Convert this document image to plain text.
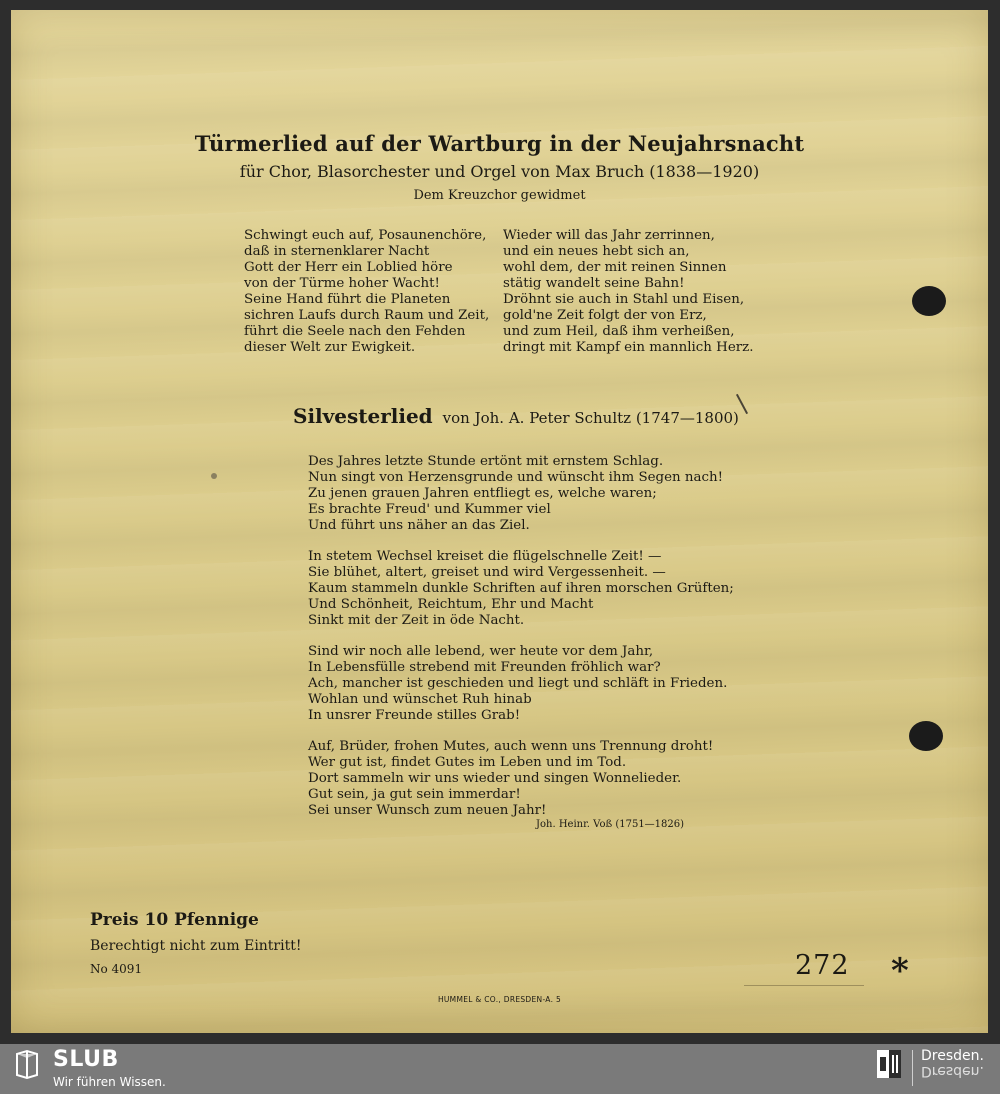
Türmerlied auf der Wartburg in der Neujahrsnacht
für Chor, Blasorchester und Orgel von Max Bruch (1838—1920)
Dem Kreuzchor gewidmet
Schwingt euch auf, Posaunenchöre,
daß in sternenklarer Nacht
Gott der Herr ein Loblied höre
von der Türme hoher Wacht!
Seine Hand führt die Planeten
sichren Laufs durch Raum und Zeit,
führt die Seele nach den Fehden
dieser Welt zur Ewigkeit.
Wieder will das Jahr zerrinnen,
und ein neues hebt sich an,
wohl dem, der mit reinen Sinnen
stätig wandelt seine Bahn!
Dröhnt sie auch in Stahl und Eisen,
gold'ne Zeit folgt der von Erz,
und zum Heil, daß ihm verheißen,
dringt mit Kampf ein mannlich Herz.
Silvesterlied von Joh. A. Peter Schultz (1747—1800)
Des Jahres letzte Stunde ertönt mit ernstem Schlag.
Nun singt von Herzensgrunde und wünscht ihm Segen nach!
Zu jenen grauen Jahren entfliegt es, welche waren;
Es brachte Freud' und Kummer viel
Und führt uns näher an das Ziel.
In stetem Wechsel kreiset die flügelschnelle Zeit! —
Sie blühet, altert, greiset und wird Vergessenheit. —
Kaum stammeln dunkle Schriften auf ihren morschen Grüften;
Und Schönheit, Reichtum, Ehr und Macht
Sinkt mit der Zeit in öde Nacht.
Sind wir noch alle lebend, wer heute vor dem Jahr,
In Lebensfülle strebend mit Freunden fröhlich war?
Ach, mancher ist geschieden und liegt und schläft in Frieden.
Wohlan und wünschet Ruh hinab
In unsrer Freunde stilles Grab!
Auf, Brüder, frohen Mutes, auch wenn uns Trennung droht!
Wer gut ist, findet Gutes im Leben und im Tod.
Dort sammeln wir uns wieder und singen Wonnelieder.
Gut sein, ja gut sein immerdar!
Sei unser Wunsch zum neuen Jahr!
Joh. Heinr. Voß (1751—1826)
Preis 10 Pfennige
Berechtigt nicht zum Eintritt!
No 4091	272 *
HUMMEL & CO., DRESDEN-A. 5
SLUB
Wir führen Wissen.
Dresden.
Dresden.
